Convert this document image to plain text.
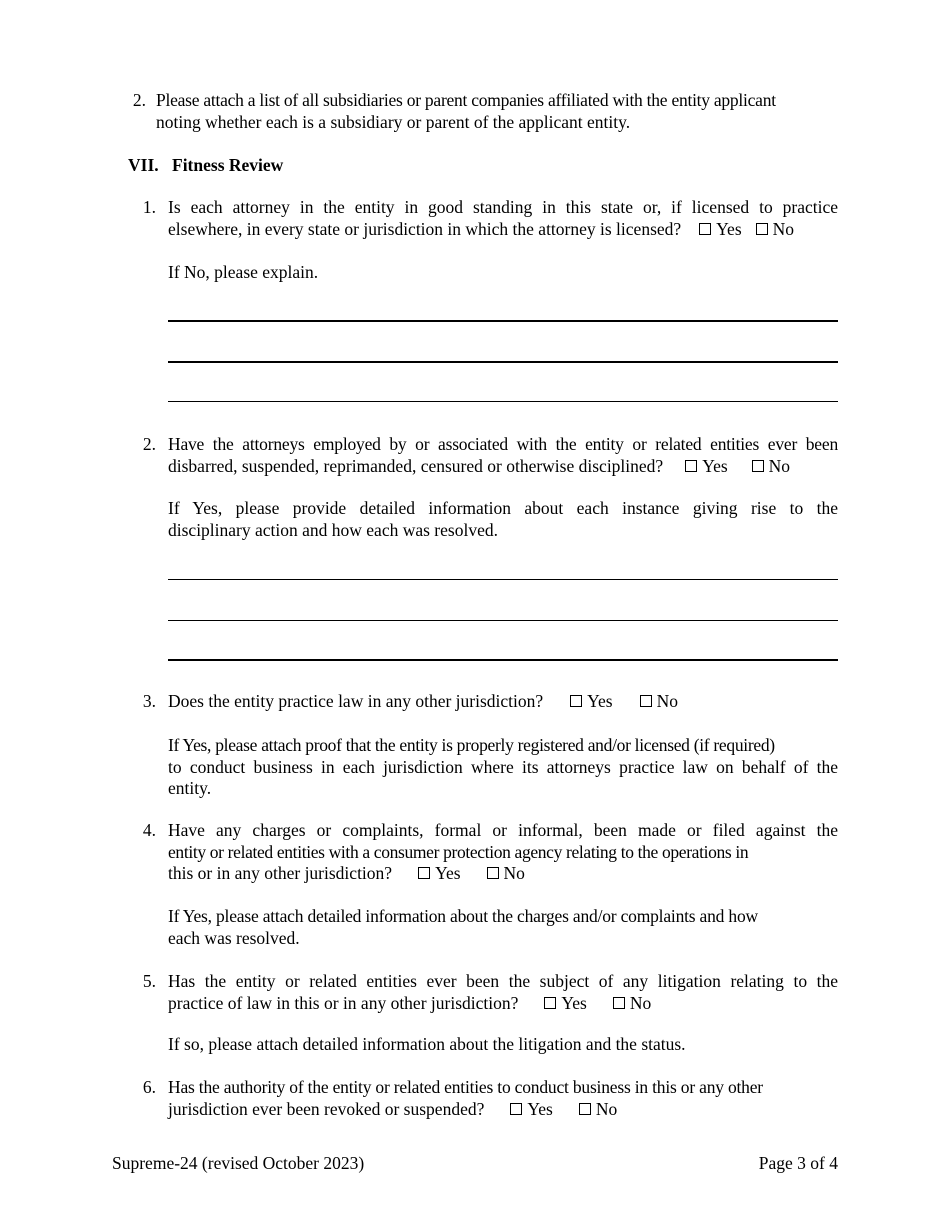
2. Please attach a list of all subsidiaries or parent companies affiliated with the entity applicant
noting whether each is a subsidiary or parent of the applicant entity.
VII. Fitness Review
1. Is each attorney in the entity in good standing in this state or, if licensed to practice
elsewhere, in every state or jurisdiction in which the attorney is licensed? Yes No
If No, please explain.
2. Have the attorneys employed by or associated with the entity or related entities ever been
disbarred, suspended, reprimanded, censured or otherwise disciplined? Yes No
If Yes, please provide detailed information about each instance giving rise to the
disciplinary action and how each was resolved.
3. Does the entity practice law in any other jurisdiction?	Yes	No
If Yes, please attach proof that the entity is properly registered and/or licensed (if required)
to conduct business in each jurisdiction where its attorneys practice law on behalf of the
entity.
4. Have any charges or complaints, formal or informal, been made or filed against the
entity or related entities with a consumer protection agency relating to the operations in
this or in any other jurisdiction? Yes No
If Yes, please attach detailed information about the charges and/or complaints and how
each was resolved.
5. Has the entity or related entities ever been the subject of any litigation relating to the
practice of law in this or in any other jurisdiction? Yes No
If so, please attach detailed information about the litigation and the status.
6. Has the authority of the entity or related entities to conduct business in this or any other
jurisdiction ever been revoked or suspended? Yes No
Supreme-24 (revised October 2023)	Page 3 of 4
